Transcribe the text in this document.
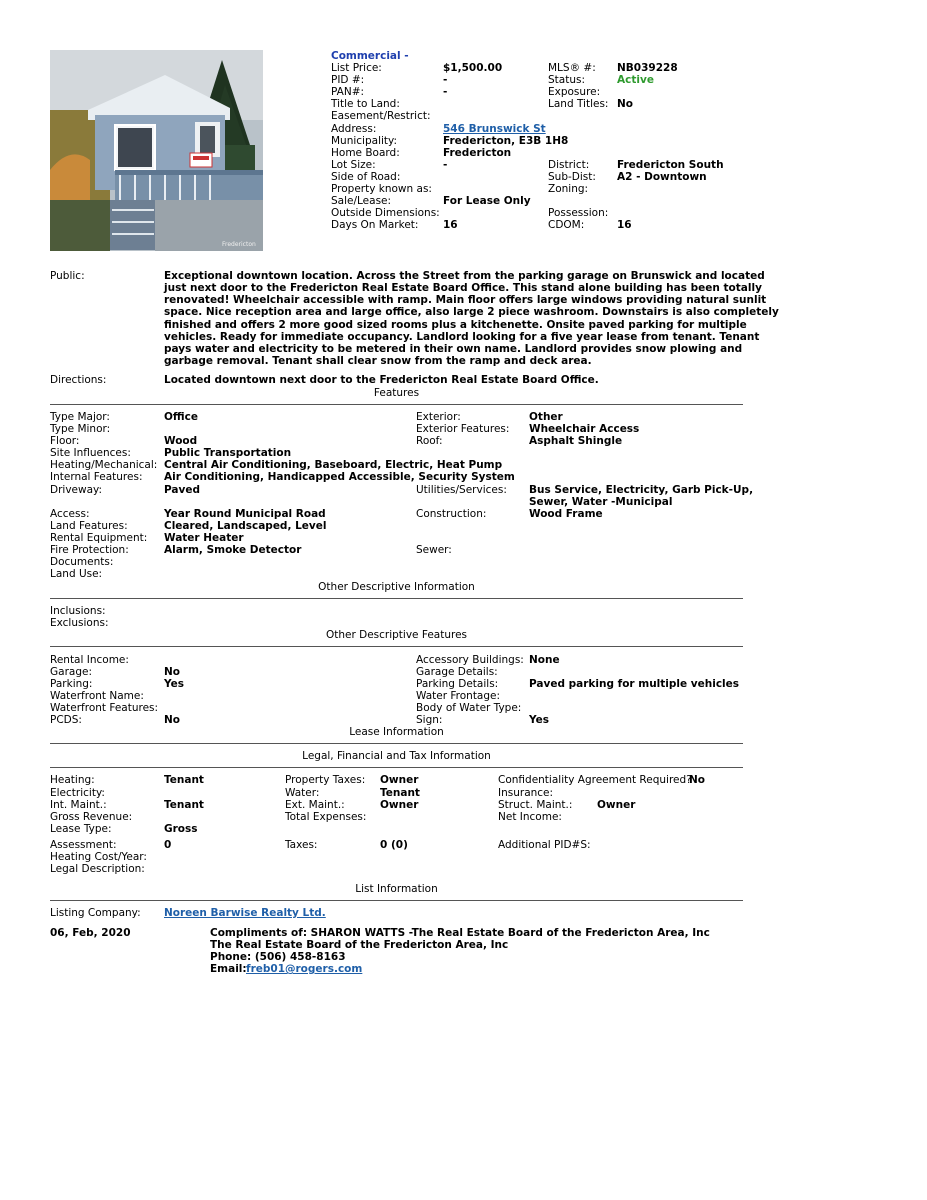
Fredericton
Commercial -
List Price:	$1,500.00	MLS® #: NB039228
PID #:	-	Status:	Active
PAN#:	-	Exposure:
Title to Land:	Land Titles: No
Easement/Restrict:
Address:	546 Brunswick St
Municipality:	Fredericton, E3B 1H8
Home Board:	Fredericton
Lot Size:	-	District:	Fredericton South
Side of Road:	Sub-Dist: A2 - Downtown
Property known as:	Zoning:
Sale/Lease:	For Lease Only
Outside Dimensions:	Possession:
Days On Market: 16	CDOM:	16
Public:	Exceptional downtown location. Across the Street from the parking garage on Brunswick and located
just next door to the Fredericton Real Estate Board Office. This stand alone building has been totally
renovated! Wheelchair accessible with ramp. Main floor offers large windows providing natural sunlit
space. Nice reception area and large office, also large 2 piece washroom. Downstairs is also completely
finished and offers 2 more good sized rooms plus a kitchenette. Onsite paved parking for multiple
vehicles. Ready for immediate occupancy. Landlord looking for a five year lease from tenant. Tenant
pays water and electricity to be metered in their own name. Landlord provides snow plowing and
garbage removal. Tenant shall clear snow from the ramp and deck area.
Directions:	Located downtown next door to the Fredericton Real Estate Board Office.
Features
Type Major:	Office	Exterior:	Other
Type Minor:	Exterior Features: Wheelchair Access
Floor:	Wood	Roof:	Asphalt Shingle
Site Influences:	Public Transportation
Heating/Mechanical: Central Air Conditioning, Baseboard, Electric, Heat Pump
Internal Features: Air Conditioning, Handicapped Accessible, Security System
Driveway:	Paved	Utilities/Services: Bus Service, Electricity, Garb Pick-Up,
Sewer, Water -Municipal
Access:	Year Round Municipal Road	Construction:	Wood Frame
Land Features:	Cleared, Landscaped, Level
Rental Equipment: Water Heater
Fire Protection:	Alarm, Smoke Detector	Sewer:
Documents:
Land Use:
Other Descriptive Information
Inclusions:
Exclusions:
Other Descriptive Features
Rental Income:	Accessory Buildings: None
Garage:	No	Garage Details:
Parking:	Yes	Parking Details:	Paved parking for multiple vehicles
Waterfront Name:	Water Frontage:
Waterfront Features:	Body of Water Type:
PCDS:	No	Sign:	Yes
Lease Information
Legal, Financial and Tax Information
Heating:	Tenant	Property Taxes: Owner	Confidentiality Agreement Required?
No
Electricity:	Water:	Tenant	Insurance:
Int. Maint.:	Tenant	Ext. Maint.:	Owner	Struct. Maint.: Owner
Gross Revenue:	Total Expenses:	Net Income:
Lease Type:	Gross
Assessment:	0	Taxes:	0 (0)	Additional PID#S:
Heating Cost/Year:
Legal Description:
List Information
Listing Company: Noreen Barwise Realty Ltd.
06, Feb, 2020	Compliments of: SHARON WATTS -The Real Estate Board of the Fredericton Area, Inc
The Real Estate Board of the Fredericton Area, Inc
Phone: (506) 458-8163
Email: freb01@rogers.com
